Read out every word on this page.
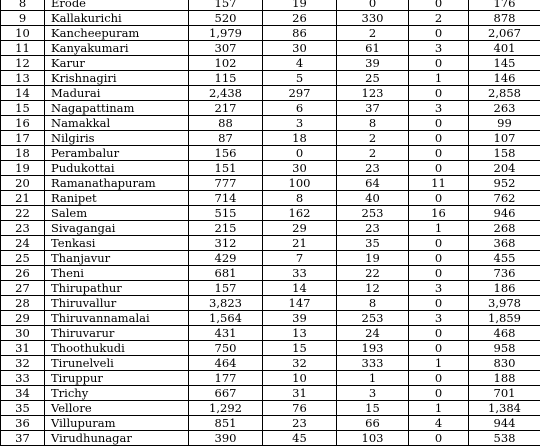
8	Erode	157	19	0	0	176
9	Kallakurichi	520	26	330	2	878
10	Kancheepuram	1,979	86	2	0	2,067
11	Kanyakumari	307	30	61	3	401
12	Karur	102	4	39	0	145
13	Krishnagiri	115	5	25	1	146
14	Madurai	2,438	297	123	0	2,858
15	Nagapattinam	217	6	37	3	263
16	Namakkal	88	3	8	0	99
17	Nilgiris	87	18	2	0	107
18	Perambalur	156	0	2	0	158
19	Pudukottai	151	30	23	0	204
20	Ramanathapuram	777	100	64	11	952
21	Ranipet	714	8	40	0	762
22	Salem	515	162	253	16	946
23	Sivagangai	215	29	23	1	268
24	Tenkasi	312	21	35	0	368
25	Thanjavur	429	7	19	0	455
26	Theni	681	33	22	0	736
27	Thirupathur	157	14	12	3	186
28	Thiruvallur	3,823	147	8	0	3,978
29	Thiruvannamalai	1,564	39	253	3	1,859
30	Thiruvarur	431	13	24	0	468
31	Thoothukudi	750	15	193	0	958
32	Tirunelveli	464	32	333	1	830
33	Tiruppur	177	10	1	0	188
34	Trichy	667	31	3	0	701
35	Vellore	1,292	76	15	1	1,384
36	Villupuram	851	23	66	4	944
37	Virudhunagar	390	45	103	0	538
